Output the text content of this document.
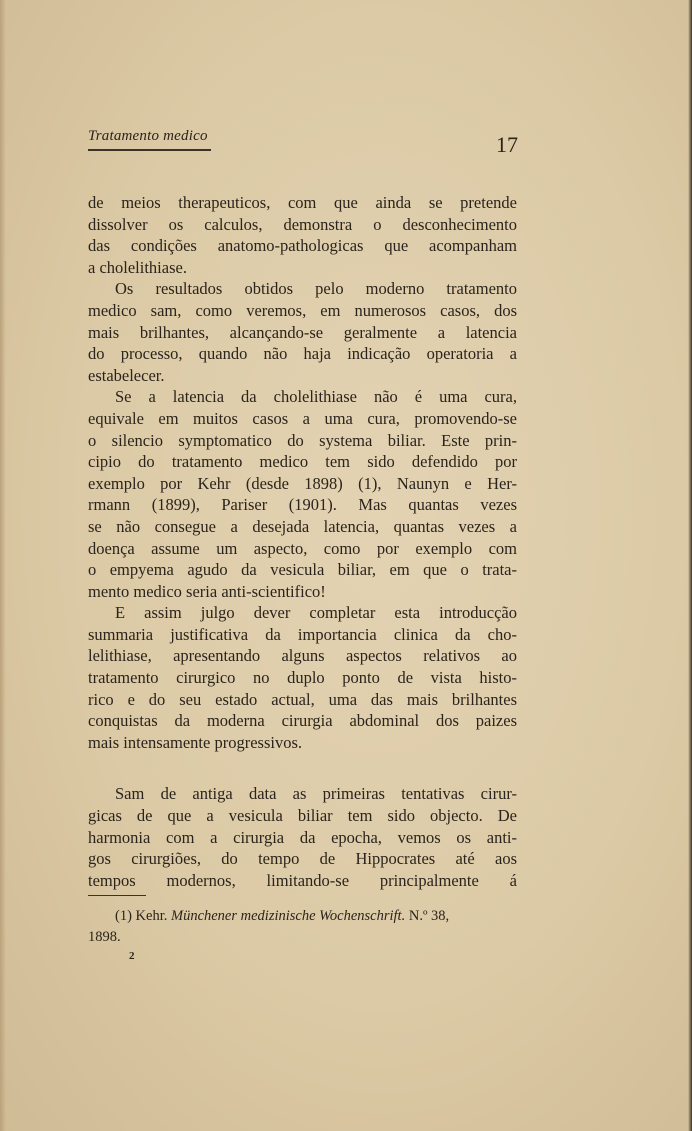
Tratamento medico	17

de meios therapeuticos, com que ainda se pretende

dissolver os calculos, demonstra o desconhecimento

das condições anatomo-pathologicas que acompanham

a cholelithiase.

Os resultados obtidos pelo moderno tratamento

medico sam, como veremos, em numerosos casos, dos

mais brilhantes, alcançando-se geralmente a latencia

do processo, quando não haja indicação operatoria a

estabelecer.

Se a latencia da cholelithiase não é uma cura,

equivale em muitos casos a uma cura, promovendo-se

o silencio symptomatico do systema biliar. Este prin-

cipio do tratamento medico tem sido defendido por

exemplo por Kehr (desde 1898) (1), Naunyn e Her-

rmann (1899), Pariser (1901). Mas quantas vezes

se não consegue a desejada latencia, quantas vezes a

doença assume um aspecto, como por exemplo com

o empyema agudo da vesicula biliar, em que o trata-

mento medico seria anti-scientifico!

E assim julgo dever completar esta introducção

summaria justificativa da importancia clinica da cho-

lelithiase, apresentando alguns aspectos relativos ao

tratamento cirurgico no duplo ponto de vista histo-

rico e do seu estado actual, uma das mais brilhantes

conquistas da moderna cirurgia abdominal dos paizes

mais intensamente progressivos.

Sam de antiga data as primeiras tentativas cirur-

gicas de que a vesicula biliar tem sido objecto. De

harmonia com a cirurgia da epocha, vemos os anti-

gos cirurgiões, do tempo de Hippocrates até aos

tempos modernos, limitando-se principalmente á

(1) Kehr. Münchener medizinische Wochenschrift. N.º 38,
1898.
2
